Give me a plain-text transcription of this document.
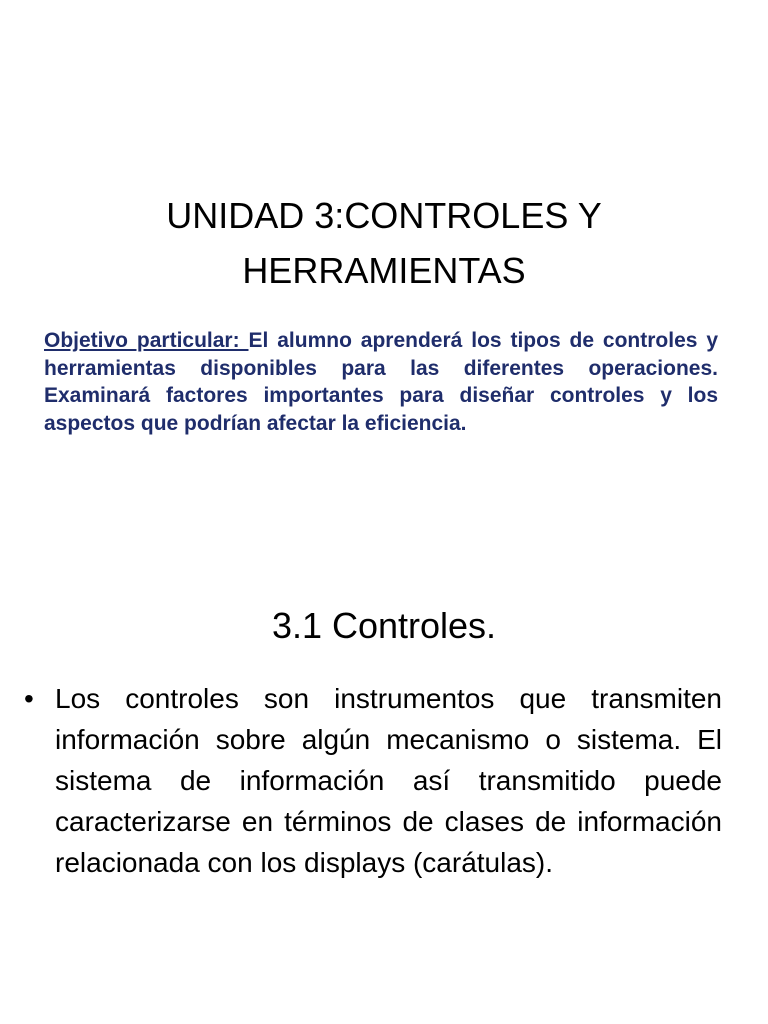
UNIDAD 3:CONTROLES Y HERRAMIENTAS

Objetivo particular: El alumno aprenderá los tipos de controles y herramientas disponibles para las diferentes operaciones. Examinará factores importantes para diseñar controles y los aspectos que podrían afectar la eficiencia.

3.1 Controles.
• Los controles son instrumentos que transmiten información sobre algún mecanismo o sistema. El sistema de información así transmitido puede caracterizarse en términos de clases de información relacionada con los displays (carátulas).
